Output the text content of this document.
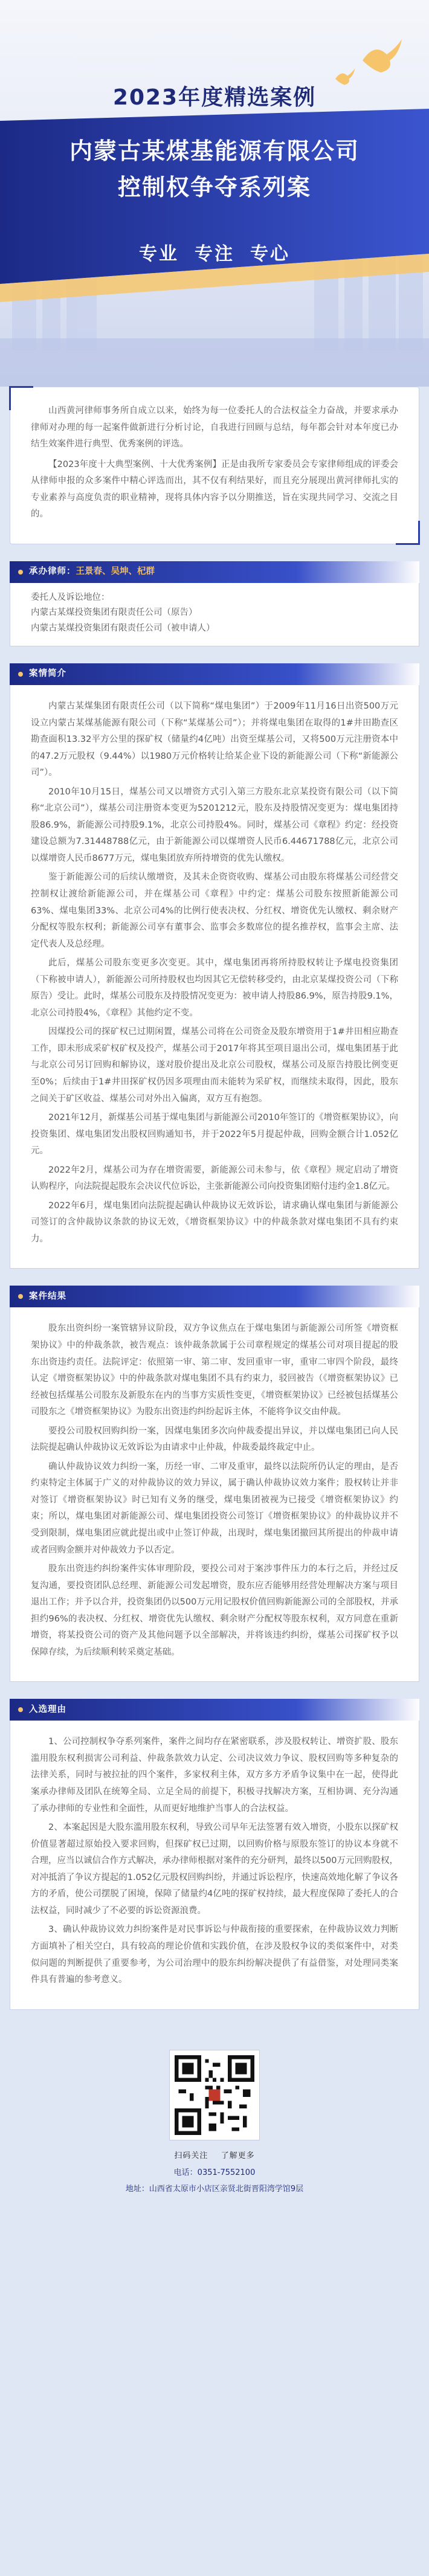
2023年度精选案例
内蒙古某煤基能源有限公司
控制权争夺系列案
专业 专注 专心

山西黄河律师事务所自成立以来，始终为每一位委托人的合法权益全力奋战，并要求承办律师对办理的每一起案件做新进行分析讨论，自我进行回顾与总结，每年都会针对本年度已办结生效案件进行典型、优秀案例的评选。

【2023年度十大典型案例、十大优秀案例】正是由我所专家委员会专家律师组成的评委会从律师申报的众多案件中精心评选而出，其不仅有利结果好，而且充分展现出黄河律师扎实的专业素养与高度负责的职业精神，现将具体内容予以分期推送，旨在实现共同学习、交流之目的。

承办律师： 王景春、吴坤、杞群
委托人及诉讼地位：
内蒙古某煤投资集团有限责任公司（原告）
内蒙古某煤投资集团有限责任公司（被申请人）
案情简介

内蒙古某煤集团有限责任公司（以下简称“煤电集团”）于2009年11月16日出资500万元设立内蒙古某煤基能源有限公司（下称“某煤基公司”）；并将煤电集团在取得的1#井田勘查区勘查面积13.32平方公里的探矿权（储量约4亿吨）出资至煤基公司，又将500万元注册资本中的47.2万元股权（9.44%）以1980万元价格转让给某企业下设的新能源公司（下称“新能源公司”）。

2010年10月15日，煤基公司又以增资方式引入第三方股东北京某投资有限公司（以下简称“北京公司”），煤基公司注册资本变更为5201212元，股东及持股情况变更为：煤电集团持股86.9%，新能源公司持股9.1%，北京公司持股4%。同时，煤基公司《章程》约定：经投资建设总额为7.31448788亿元，由于新能源公司以煤增资人民币6.44671788亿元，北京公司以煤增资人民币8677万元，煤电集团放弃所持增资的优先认缴权。

鉴于新能源公司的后续认缴增资，及其未企资资收购、煤基公司由股东将煤基公司经营交控制权让渡给新能源公司，并在煤基公司《章程》中约定：煤基公司股东按照新能源公司63%、煤电集团33%、北京公司4%的比例行使表决权、分红权、增资优先认缴权、剩余财产分配权等股东权利；新能源公司享有董事会、监事会多数席位的提名推荐权，监事会主席、法定代表人及总经理。

此后，煤基公司股东变更多次变更。其中，煤电集团再将所持股权转让予煤电投资集团（下称被申请人），新能源公司所持股权也均因其它无偿转移受约，由北京某煤投资公司（下称原告）受让。此时，煤基公司股东及持股情况变更为：被申请人持股86.9%，原告持股9.1%，北京公司持股4%，《章程》其他约定不变。

因煤投公司的探矿权已过期闲置，煤基公司将在公司资金及股东增资用于1#井田相应勘查工作，即未形成采矿权矿权及投产，煤基公司于2017年将其至项目退出公司，煤电集团基于此与北京公司另订回购和解协议，遂对股价提出及北京公司股权，煤基公司及原告持股比例变更至0%；后续由于1#井田探矿权仍因多项理由而未能转为采矿权，而继续未取得，因此，股东之间关于矿区收益、煤基公司对外出入偏离，双方互有抱怨。

2021年12月，新煤基公司基于煤电集团与新能源公司2010年签订的《增资框架协议》，向投资集团、煤电集团发出股权回购通知书，并于2022年5月提起仲裁，回购金额合计1.052亿元。

2022年2月，煤基公司为存在增资需要，新能源公司未参与，依《章程》规定启动了增资认购程序，向法院提起股东会决议代位诉讼，主张新能源公司向投资集团赔付违约金1.8亿元。

2022年6月，煤电集团向法院提起确认仲裁协议无效诉讼，请求确认煤电集团与新能源公司签订的含仲裁协议条款的协议无效，《增资框架协议》中的仲裁条款对煤电集团不具有约束力。

案件结果

股东出资纠纷一案管辖异议阶段，双方争议焦点在于煤电集团与新能源公司所签《增资框架协议》中的仲裁条款，被告观点：该仲裁条款属于公司章程规定的煤基公司对项目提起的股东出资违约责任。法院评定：依照第一审、第二审、发回重审一审，重审二审四个阶段，最终认定《增资框架协议》中的仲裁条款对煤电集团不具有约束力，驳回被告（《增资框架协议》已经被包括煤基公司股东及新股东在内的当事方实质性变更，《增资框架协议》已经被包括煤基公司股东之《增资框架协议》为股东出资违约纠纷起诉主体，不能将争议交由仲裁。

要投公司股权回购纠纷一案，因煤电集团多次向仲裁委提出异议，并以煤电集团已向人民法院提起确认仲裁协议无效诉讼为由请求中止仲裁，仲裁委最终裁定中止。

确认仲裁协议效力纠纷一案，历经一审、二审及重审，最终以法院所仍认定的理由，是否约束特定主体属于广义的对仲裁协议的效力异议，属于确认仲裁协议效力案件；股权转让并非对签订《增资框架协议》时已知有义务的继受，煤电集团被视为已接受《增资框架协议》约束；所以，煤电集团对新能源公司、煤电集团投资公司签订《增资框架协议》的仲裁协议并不受到限制，煤电集团应就此提出或中止签订仲裁，出现时，煤电集团撤回其所提出的仲裁申请或者回购金额并对仲裁效力予以否定。

股东出资违约纠纷案件实体审理阶段，要投公司对于案涉事件压力的本行之后，并经过反复沟通，要投资团队总经理、新能源公司发起增资，股东应否能够用经营处理解决方案与项目退出工作；并予以合并，投资集团仍以500万元用记股权价值回购新能源公司的全部股权，并承担约96%的表决权、分红权、增资优先认缴权、剩余财产分配权等股东权利，双方同意在重新增资，将某投资公司的资产及其他问题予以全部解决，并将该违约纠纷，煤基公司探矿权予以保障存续，为后续顺利转采奠定基础。

入选理由

1、公司控制权争夺系列案件，案件之间均存在紧密联系，涉及股权转让、增资扩股、股东滥用股东权利损害公司利益、仲裁条款效力认定、公司决议效力争议、股权回购等多种复杂的法律关系，同时与被拉扯的四个案件，多家权利主体，双方多方矛盾争议集中在一起，使得此案承办律师及团队在统筹全局、立足全局的前提下，积极寻找解决方案，互相协调、充分沟通了承办律师的专业性和全面性，从而更好地维护当事人的合法权益。

2、本案起因是大股东滥用股东权利，导致公司早年无法签署有效入增资，小股东以探矿权价值显著超过原始投入要求回购，但探矿权已过期，以回购价格与原股东签订的协议本身就不合理，应当以诚信合作方式解决，承办律师根据对案件的充分研判，最终以500万元回购股权，对冲抵消了争议方提起的1.052亿元股权回购纠纷，并通过诉讼程序，快速高效地化解了争议各方的矛盾，使公司摆脱了困境，保障了储量约4亿吨的探矿权持续，最大程度保障了委托人的合法权益，同时减少了不必要的诉讼资源浪费。

3、确认仲裁协议效力纠纷案件是对民事诉讼与仲裁衔接的重要探索，在仲裁协议效力判断方面填补了相关空白，具有较高的理论价值和实践价值，在涉及股权争议的类似案件中，对类似问题的判断提供了重要参考，为公司治理中的股东纠纷解决提供了有益借鉴，对处理同类案件具有普遍的参考意义。

扫码关注 了解更多
电话：0351-7552100
地址：山西省太原市小店区亲贤北街晋阳湾学馆9层
